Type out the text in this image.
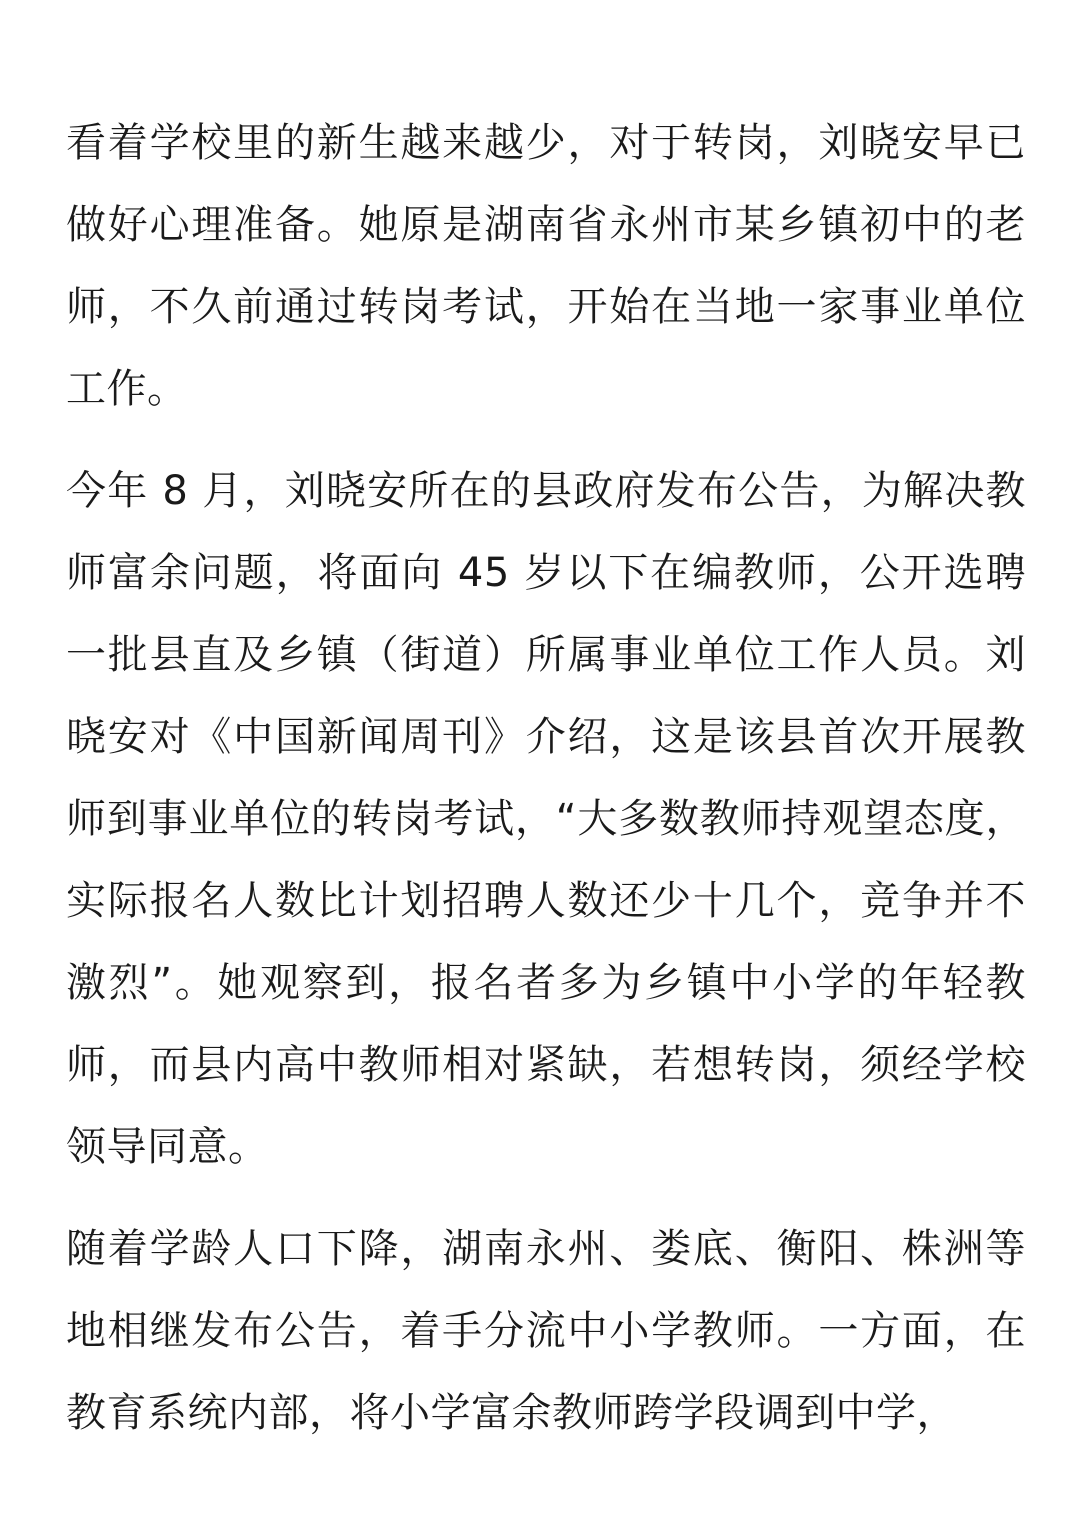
看着学校里的新生越来越少，对于转岗，刘晓安早已做好心理准备。她原是湖南省永州市某乡镇初中的老师，不久前通过转岗考试，开始在当地一家事业单位工作。

今年 8 月，刘晓安所在的县政府发布公告，为解决教师富余问题，将面向 45 岁以下在编教师，公开选聘一批县直及乡镇（街道）所属事业单位工作人员。刘晓安对《中国新闻周刊》介绍，这是该县首次开展教师到事业单位的转岗考试，“大多数教师持观望态度，实际报名人数比计划招聘人数还少十几个，竞争并不激烈”。她观察到，报名者多为乡镇中小学的年轻教师，而县内高中教师相对紧缺，若想转岗，须经学校领导同意。

随着学龄人口下降，湖南永州、娄底、衡阳、株洲等地相继发布公告，着手分流中小学教师。一方面，在教育系统内部，将小学富余教师跨学段调到中学，
